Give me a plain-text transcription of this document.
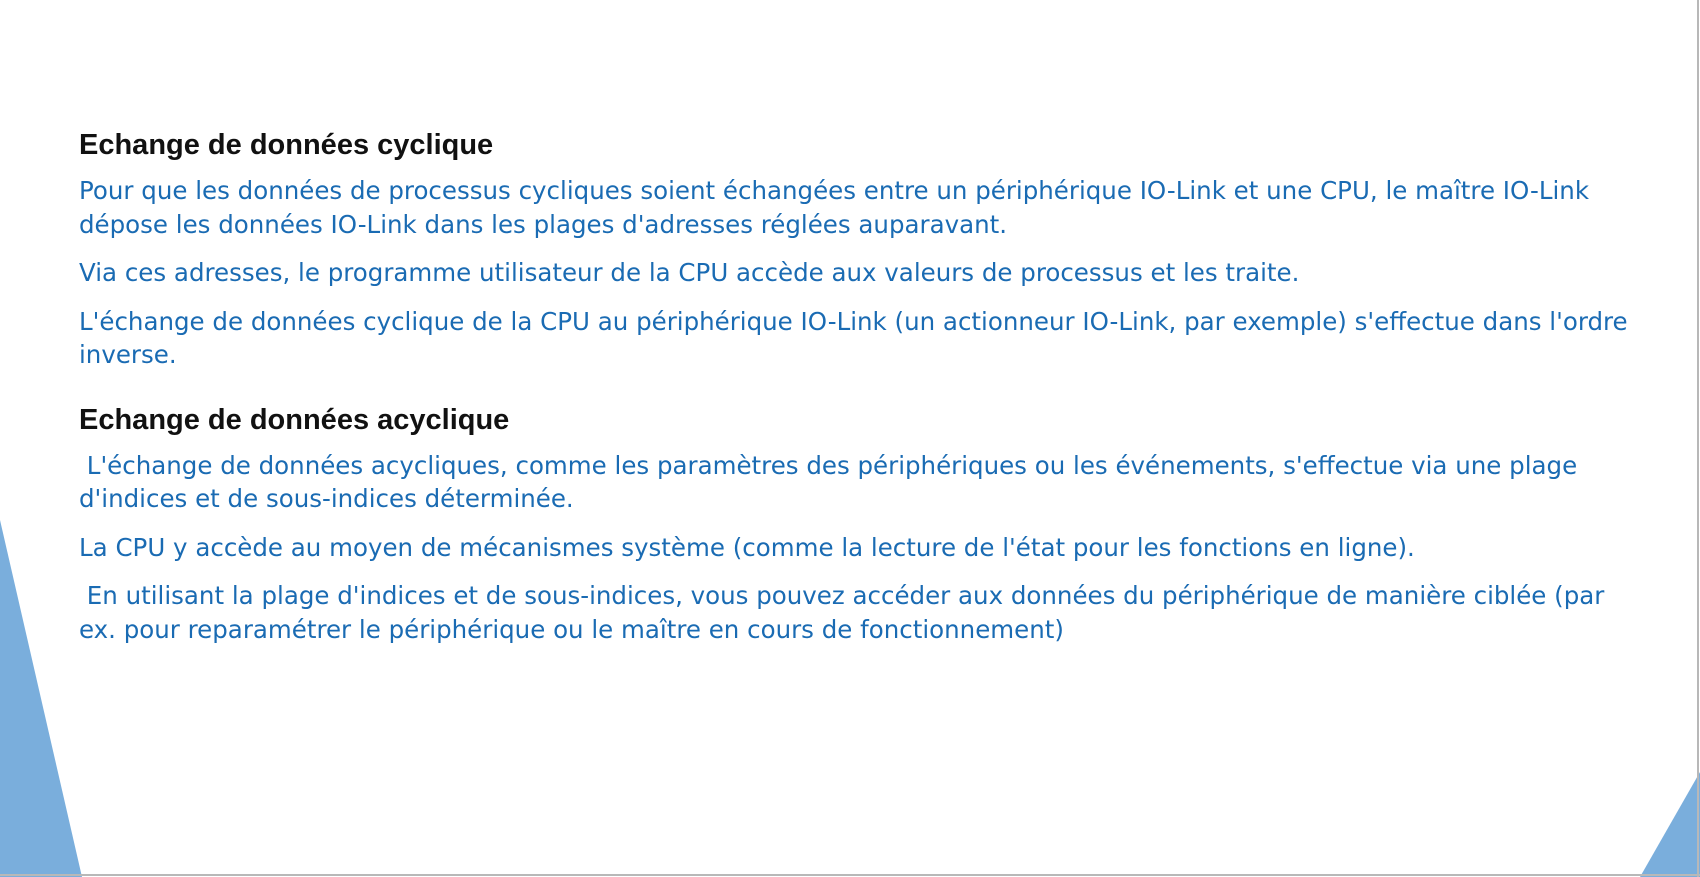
Echange de données cyclique

Pour que les données de processus cycliques soient échangées entre un périphérique IO-Link et une CPU, le maître IO-Link dépose les données IO-Link dans les plages d'adresses réglées auparavant.

Via ces adresses, le programme utilisateur de la CPU accède aux valeurs de processus et les traite.

L'échange de données cyclique de la CPU au périphérique IO-Link (un actionneur IO-Link, par exemple) s'effectue dans l'ordre inverse.

Echange de données acyclique

L'échange de données acycliques, comme les paramètres des périphériques ou les événements, s'effectue via une plage d'indices et de sous-indices déterminée.

La CPU y accède au moyen de mécanismes système (comme la lecture de l'état pour les fonctions en ligne).

En utilisant la plage d'indices et de sous-indices, vous pouvez accéder aux données du périphérique de manière ciblée (par ex. pour reparamétrer le périphérique ou le maître en cours de fonctionnement)
